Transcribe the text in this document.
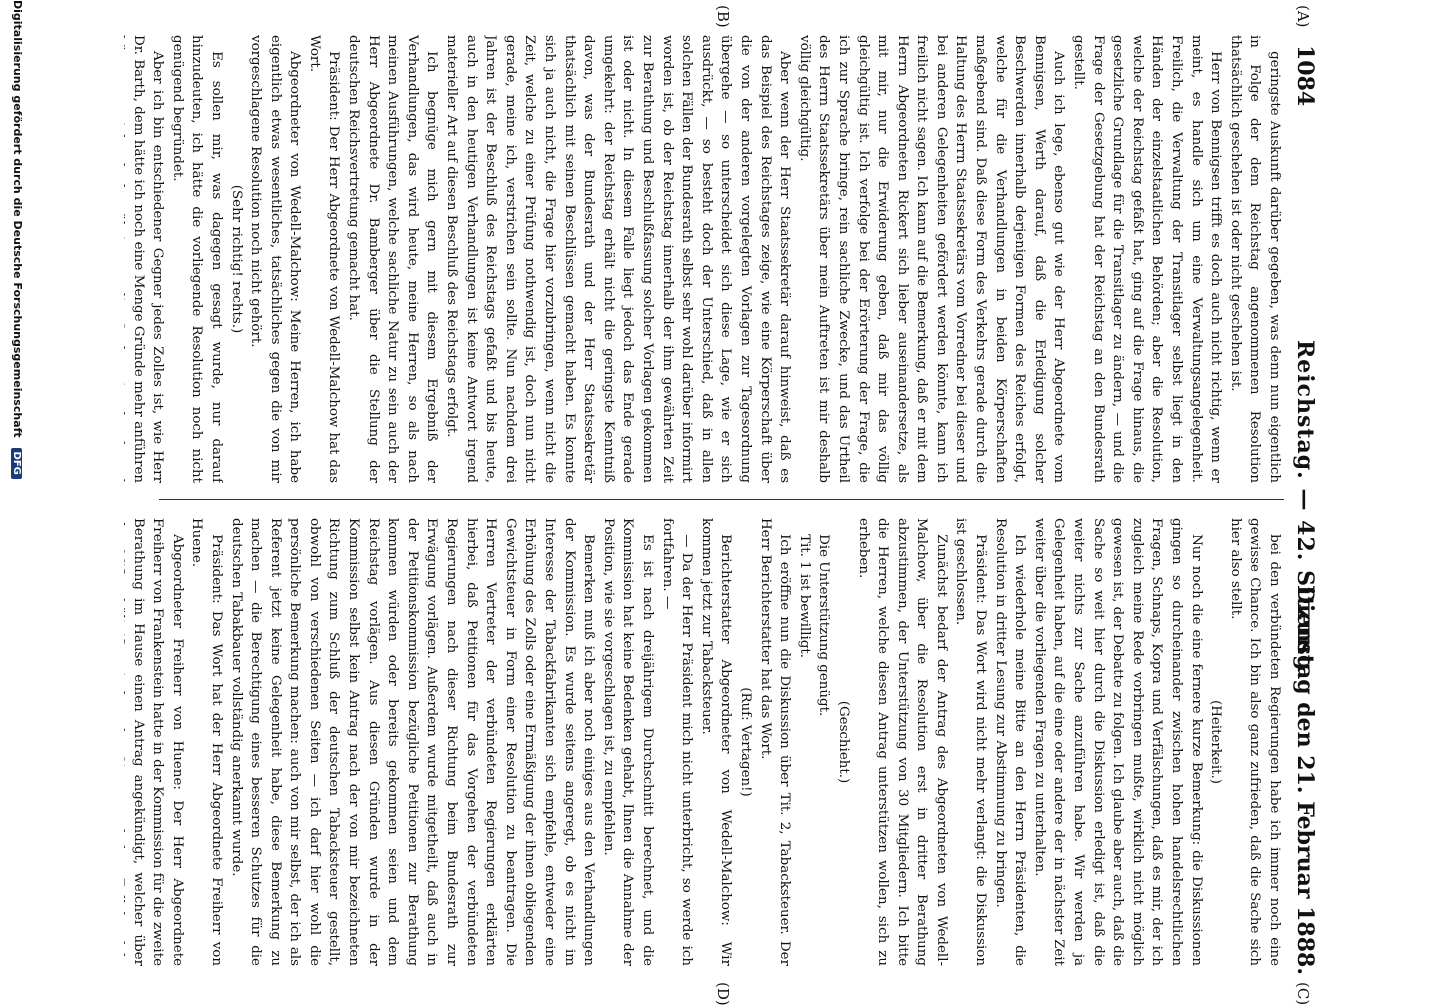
1084
Reichstag. — 42. Sitzung.
Dienstag den 21. Februar 1888.
(A)
(B)
(C)
(D)

geringste Auskunft darüber gegeben, was denn nun eigentlich in Folge der dem Reichstag angenommenen Resolution thatsächlich geschehen ist oder nicht geschehen ist.

Herr von Bennigsen trifft es doch auch nicht richtig, wenn er meint, es handle sich um eine Verwaltungsangelegenheit. Freilich, die Verwaltung der Transitlager selbst liegt in den Händen der einzelstaatlichen Behörden; aber die Resolution, welche der Reichstag gefaßt hat, ging auf die Frage hinaus, die gesetzliche Grundlage für die Transitlager zu ändern, — und die Frage der Gesetzgebung hat der Reichstag an den Bundesrath gestellt.

Auch ich lege, ebenso gut wie der Herr Abgeordnete vom Bennigsen, Werth darauf, daß die Erledigung solcher Beschwerden innerhalb derjenigen Formen des Reiches erfolgt, welche für die Verhandlungen in beiden Körperschaften maßgebend sind. Daß diese Form des Verkehrs gerade durch die Haltung des Herrn Staatssekretärs vom Vorredner bei dieser und bei anderen Gelegenheiten gefördert werden könnte, kann ich freilich nicht sagen. Ich kann auf die Bemerkung, daß er mit dem Herrn Abgeordneten Rickert sich lieber auseinandersetze, als mit mir, nur die Erwiderung geben, daß mir das völlig gleichgültig ist. Ich verfolge bei der Erörterung der Frage, die ich zur Sprache bringe, rein sachliche Zwecke, und das Urtheil des Herrn Staatssekretärs über mein Auftreten ist mir deshalb völlig gleichgültig.

Aber wenn der Herr Staatssekretär darauf hinweist, daß es das Beispiel des Reichstages zeige, wie eine Körperschaft über die von der anderen vorgelegten Vorlagen zur Tagesordnung übergehe — so unterscheidet sich diese Lage, wie er sich ausdrückt, — so besteht doch der Unterschied, daß in allen solchen Fällen der Bundesrath selbst sehr wohl darüber informirt worden ist, ob der Reichstag innerhalb der ihm gewährten Zeit zur Berathung und Beschlußfassung solcher Vorlagen gekommen ist oder nicht. In diesem Falle liegt jedoch das Ende gerade umgekehrt: der Reichstag erhält nicht die geringste Kenntniß davon, was der Bundesrath und der Herr Staatssekretär thatsächlich mit seinen Beschlüssen gemacht haben. Es konnte sich ja auch nicht, die Frage hier vorzubringen, wenn nicht die Zeit, welche zu einer Prüfung nothwendig ist, doch nun nicht gerade, meine ich, verstrichen sein sollte. Nun nachdem drei Jahren ist der Beschluß des Reichstags gefaßt und bis heute, auch in den heutigen Verhandlungen ist keine Antwort irgend materieller Art auf diesen Beschluß des Reichstags erfolgt.

Ich begnüge mich gern mit diesem Ergebniß der Verhandlungen, das wird heute, meine Herren, so als nach meinen Ausführungen, welche sachliche Natur zu sein auch der Herr Abgeordnete Dr. Bamberger über die Stellung der deutschen Reichsvertretung gemacht hat.

Präsident: Der Herr Abgeordnete von Wedell-Malchow hat das Wort.

Abgeordneter von Wedell-Malchow: Meine Herren, ich habe eigentlich etwas wesentliches, tatsächliches gegen die von mir vorgeschlagene Resolution noch nicht gehört.

(Sehr richtig! rechts.)

Es sollen mir, was dagegen gesagt wurde, nur darauf hinzudeuten, ich hätte die vorliegende Resolution noch nicht genügend begründet.

Aber ich bin entschiedener Gegner jedes Zolles ist, wie Herr Dr. Barth, dem hätte ich noch eine Menge Gründe mehr anführen

bei den verbündeten Regierungen habe ich immer noch eine gewisse Chance. Ich bin also ganz zufrieden, daß die Sache sich hier also stellt.

(Heiterkeit.)

Nur noch die eine fernere kurze Bemerkung: die Diskussionen gingen so durcheinander zwischen hohen handelsrechtlichen Fragen, Schnaps, Kopra und Verfälschungen, daß es mir, der ich zugleich meine Rede vorbringen mußte, wirklich nicht möglich gewesen ist, der Debatte zu folgen. Ich glaube aber auch, daß die Sache so weit hier durch die Diskussion erledigt ist, daß die weiter nichts zur Sache anzuführen habe. Wir werden ja Gelegenheit haben, auf die eine oder andere der in nächster Zeit weiter über die vorliegenden Fragen zu unterhalten.

Ich wiederhole meine Bitte an den Herrn Präsidenten, die Resolution in dritter Lesung zur Abstimmung zu bringen.

Präsident: Das Wort wird nicht mehr verlangt: die Diskussion ist geschlossen.

Zunächst bedarf der Antrag des Abgeordneten von Wedell-Malchow, über die Resolution erst in dritter Berathung abzustimmen, der Unterstützung von 30 Mitgliedern. Ich bitte die Herren, welche diesen Antrag unterstützen wollen, sich zu erheben.

(Geschieht.)

Die Unterstützung genügt.

Tit. 1 ist bewilligt.

Ich eröffne nun die Diskussion über Tit. 2, Tabacksteuer. Der Herr Berichterstatter hat das Wort.

(Ruf: Vertagen!)

Berichterstatter Abgeordneter von Wedell-Malchow: Wir kommen jetzt zur Tabacksteuer.

— Da der Herr Präsident mich nicht unterbricht, so werde ich fortfahren. —

Es ist nach dreijährigem Durchschnitt berechnet, und die Kommission hat keine Bedenken gehabt, Ihnen die Annahme der Position, wie sie vorgeschlagen ist, zu empfehlen.

Bemerken muß ich aber noch einiges aus den Verhandlungen der Kommission. Es wurde seitens angeregt, ob es nicht im Interesse der Tabackfabrikanten sich empfehle, entweder eine Erhöhung des Zolls oder eine Ermäßigung der ihnen obliegenden Gewichtsteuer in Form einer Resolution zu beantragen. Die Herren Vertreter der verbündeten Regierungen erklärten hierbei, daß Petitionen für das Vorgehen der verbündeten Regierungen nach dieser Richtung beim Bundesrath zur Erwägung vorlägen. Außerdem wurde mitgetheilt, daß auch in der Petitionskommission bezügliche Petitionen zur Berathung kommen würden oder bereits gekommen seien und dem Reichstag vorlägen. Aus diesen Gründen wurde in der Kommission selbst kein Antrag nach der von mir bezeichneten Richtung zum Schluß der deutschen Tabacksteuer gestellt, obwohl von verschiedenen Seiten — ich darf hier wohl die persönliche Bemerkung machen: auch von mir selbst, der ich als Referent jetzt keine Gelegenheit habe, diese Bemerkung zu machen — die Berechtigung eines besseren Schutzes für die deutschen Tabakbauer vollständig anerkannt wurde.

Präsident: Das Wort hat der Herr Abgeordnete Freiherr von Huene.

Abgeordneter Freiherr von Huene: Der Herr Abgeordnete Freiherr von Frankenstein hatte in der Kommission für die zweite Berathung im Hause einen Antrag angekündigt, welcher über

Digitalisierung gefördert durch die Deutsche Forschungsgemeinschaft DFG
